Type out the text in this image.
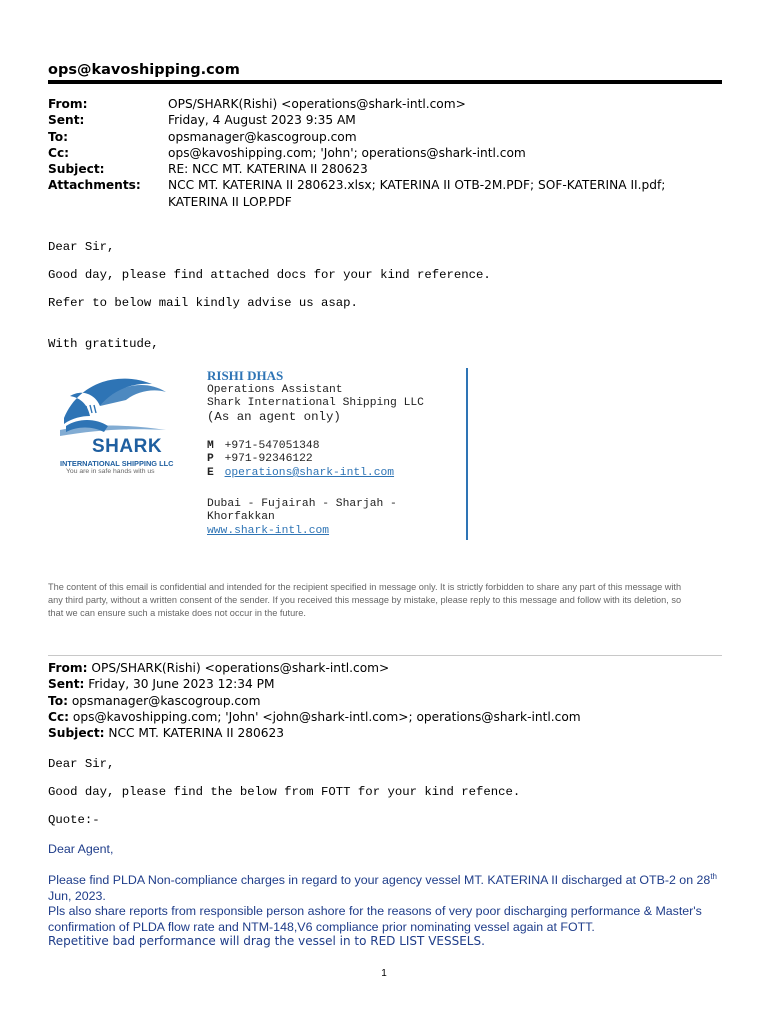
ops@kavoshipping.com
From:	OPS/SHARK(Rishi) <operations@shark-intl.com>
Sent:	Friday, 4 August 2023 9:35 AM
To:	opsmanager@kascogroup.com
Cc:	ops@kavoshipping.com; 'John'; operations@shark-intl.com
Subject:	RE: NCC MT. KATERINA II 280623
Attachments:	NCC MT. KATERINA II 280623.xlsx; KATERINA II OTB-2M.PDF; SOF-KATERINA II.pdf; KATERINA II LOP.PDF
Dear Sir,
Good day, please find attached docs for your kind reference.
Refer to below mail kindly advise us asap.
With gratitude,
SHARK
INTERNATIONAL SHIPPING LLC
You are in safe hands with us
RISHI DHAS
Operations Assistant
Shark International Shipping LLC
(As an agent only)
M +971-547051348
P +971-92346122
E operations@shark-intl.com
Dubai - Fujairah - Sharjah -
Khorfakkan
www.shark-intl.com
The content of this email is confidential and intended for the recipient specified in message only. It is strictly forbidden to share any part of this message with any third party, without a written consent of the sender. If you received this message by mistake, please reply to this message and follow with its deletion, so that we can ensure such a mistake does not occur in the future.
From: OPS/SHARK(Rishi) <operations@shark-intl.com>
Sent: Friday, 30 June 2023 12:34 PM
To: opsmanager@kascogroup.com
Cc: ops@kavoshipping.com; 'John' <john@shark-intl.com>; operations@shark-intl.com
Subject: NCC MT. KATERINA II 280623
Dear Sir,
Good day, please find the below from FOTT for your kind refence.
Quote:-
Dear Agent,
Please find PLDA Non-compliance charges in regard to your agency vessel MT. KATERINA II discharged at OTB-2 on 28th Jun, 2023.
Pls also share reports from responsible person ashore for the reasons of very poor discharging performance & Master's confirmation of PLDA flow rate and NTM-148,V6 compliance prior nominating vessel again at FOTT.
Repetitive bad performance will drag the vessel in to RED LIST VESSELS.
1
